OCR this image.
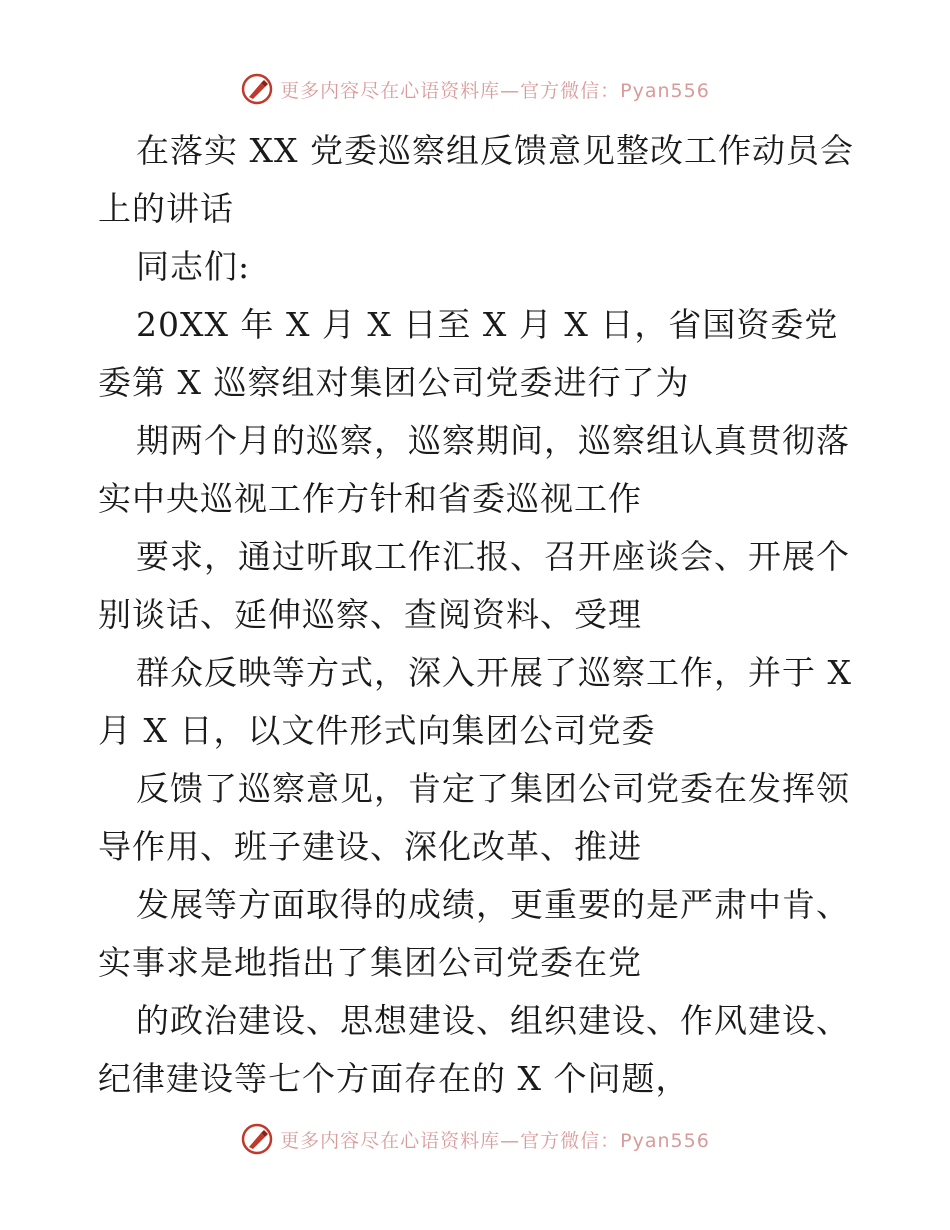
更多内容尽在心语资料库—官方微信：Pyan556
在落实 XX 党委巡察组反馈意见整改工作动员会
上的讲话
同志们:
20XX 年 X 月 X 日至 X 月 X 日，省国资委党
委第 X 巡察组对集团公司党委进行了为
期两个月的巡察，巡察期间，巡察组认真贯彻落
实中央巡视工作方针和省委巡视工作
要求，通过听取工作汇报、召开座谈会、开展个
别谈话、延伸巡察、查阅资料、受理
群众反映等方式，深入开展了巡察工作，并于 X
月 X 日，以文件形式向集团公司党委
反馈了巡察意见，肯定了集团公司党委在发挥领
导作用、班子建设、深化改革、推进
发展等方面取得的成绩，更重要的是严肃中肯、
实事求是地指出了集团公司党委在党
的政治建设、思想建设、组织建设、作风建设、
纪律建设等七个方面存在的 X 个问题，
更多内容尽在心语资料库—官方微信：Pyan556
